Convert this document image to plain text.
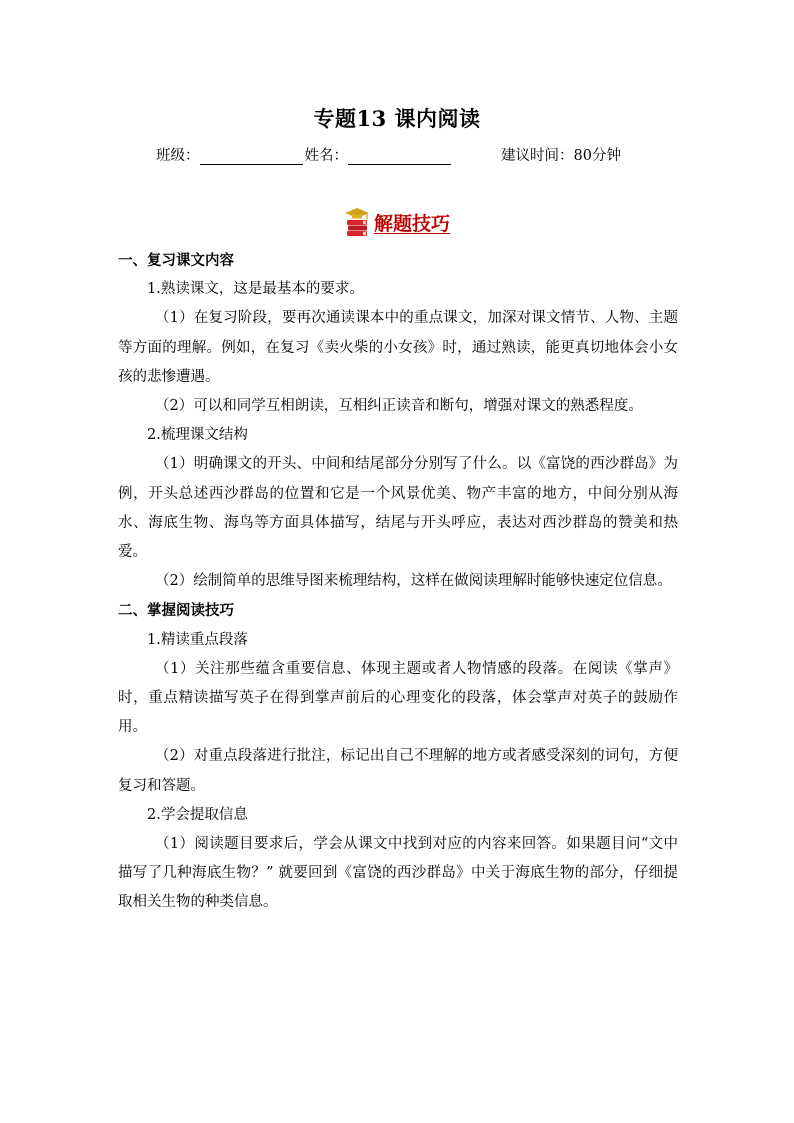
专题13 课内阅读
班级：	姓名：	建议时间：80分钟
解题技巧

一、复习课文内容

1.熟读课文，这是最基本的要求。

（1）在复习阶段，要再次通读课本中的重点课文，加深对课文情节、人物、主题等方面的理解。例如，在复习《卖火柴的小女孩》时，通过熟读，能更真切地体会小女孩的悲惨遭遇。

（2）可以和同学互相朗读，互相纠正读音和断句，增强对课文的熟悉程度。

2.梳理课文结构

（1）明确课文的开头、中间和结尾部分分别写了什么。以《富饶的西沙群岛》为例，开头总述西沙群岛的位置和它是一个风景优美、物产丰富的地方，中间分别从海水、海底生物、海鸟等方面具体描写，结尾与开头呼应，表达对西沙群岛的赞美和热爱。

（2）绘制简单的思维导图来梳理结构，这样在做阅读理解时能够快速定位信息。

二、掌握阅读技巧

1.精读重点段落

（1）关注那些蕴含重要信息、体现主题或者人物情感的段落。在阅读《掌声》时，重点精读描写英子在得到掌声前后的心理变化的段落，体会掌声对英子的鼓励作用。

（2）对重点段落进行批注，标记出自己不理解的地方或者感受深刻的词句，方便复习和答题。

2.学会提取信息

（1）阅读题目要求后，学会从课文中找到对应的内容来回答。如果题目问“文中描写了几种海底生物？” 就要回到《富饶的西沙群岛》中关于海底生物的部分，仔细提取相关生物的种类信息。
